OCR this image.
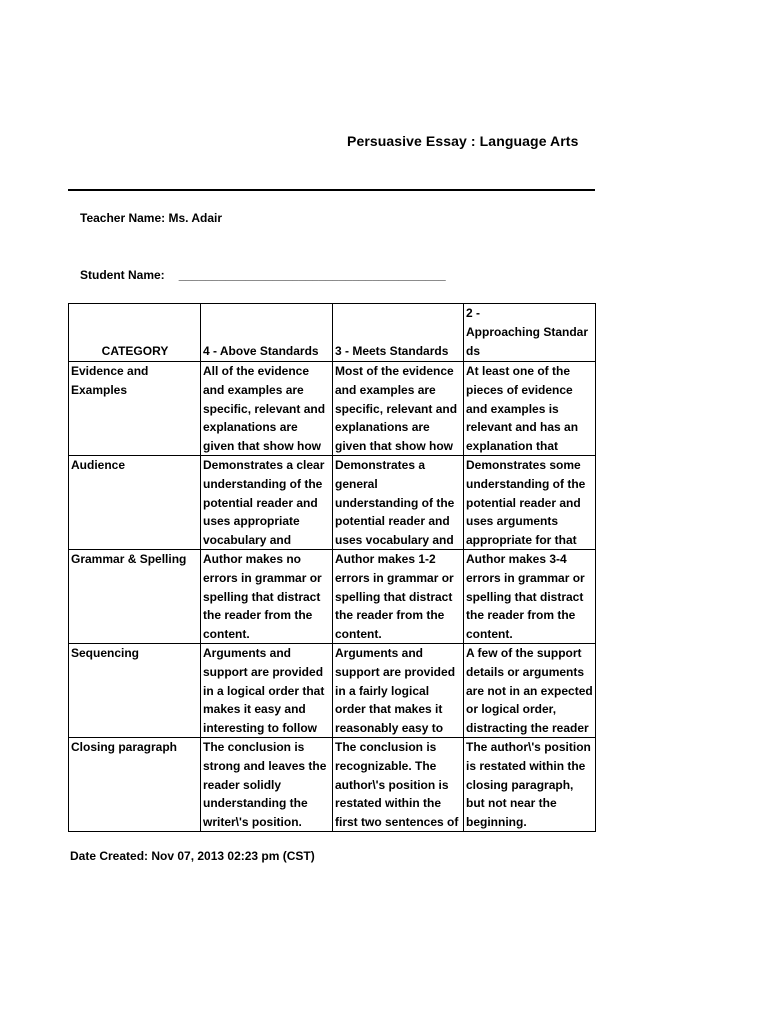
Persuasive Essay : Language Arts
Teacher Name: Ms. Adair
Student Name: ________________________________________
CATEGORY	4 - Above Standards	3 - Meets Standards	2 -
Approaching Standar
ds

Evidence and
Examples	All of the evidence and examples are specific, relevant and explanations are given that show how	Most of the evidence and examples are specific, relevant and explanations are given that show how	At least one of the pieces of evidence and examples is relevant and has an explanation that

Audience	Demonstrates a clear understanding of the potential reader and uses appropriate vocabulary and	Demonstrates a general understanding of the potential reader and uses vocabulary and	Demonstrates some understanding of the potential reader and uses arguments appropriate for that

Grammar & Spelling	Author makes no errors in grammar or spelling that distract the reader from the content.	Author makes 1-2 errors in grammar or spelling that distract the reader from the content.	Author makes 3-4 errors in grammar or spelling that distract the reader from the content.

Sequencing	Arguments and support are provided in a logical order that makes it easy and interesting to follow	Arguments and support are provided in a fairly logical order that makes it reasonably easy to	A few of the support details or arguments are not in an expected or logical order, distracting the reader

Closing paragraph	The conclusion is strong and leaves the reader solidly understanding the writer\'s position.	The conclusion is recognizable. The author\'s position is restated within the first two sentences of	The author\'s position is restated within the closing paragraph, but not near the beginning.
Date Created: Nov 07, 2013 02:23 pm (CST)
